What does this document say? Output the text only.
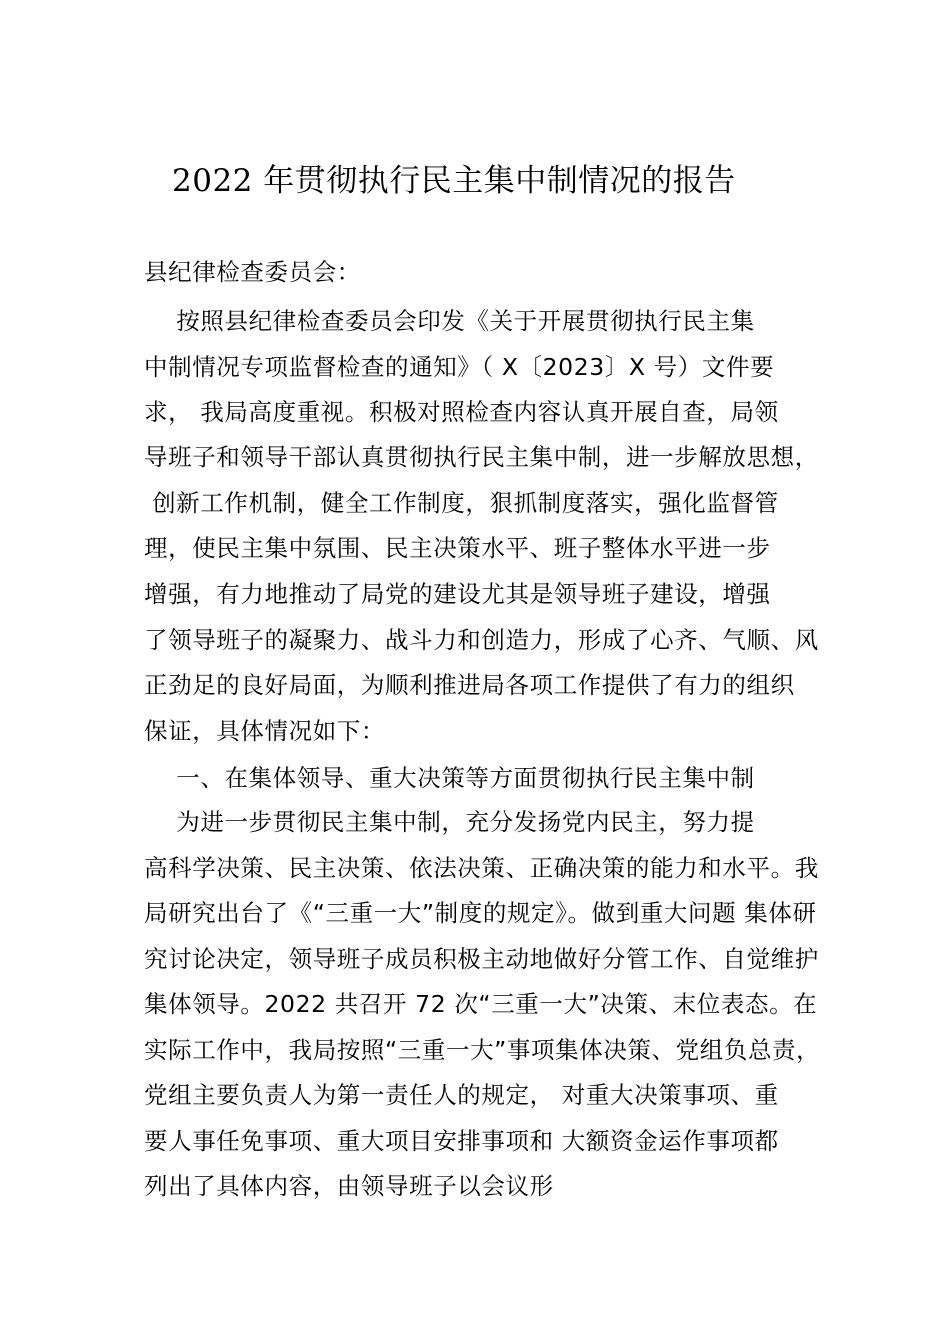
2022 年贯彻执行民主集中制情况的报告
县纪律检查委员会：
按照县纪律检查委员会印发《关于开展贯彻执行民主集
中制情况专项监督检查的通知》（ X〔2023〕X 号）文件要
求， 我局高度重视。积极对照检查内容认真开展自查，局领
导班子和领导干部认真贯彻执行民主集中制，进一步解放思想，
创新工作机制，健全工作制度，狠抓制度落实，强化监督管
理，使民主集中氛围、民主决策水平、班子整体水平进一步
增强，有力地推动了局党的建设尤其是领导班子建设，增强
了领导班子的凝聚力、战斗力和创造力，形成了心齐、气顺、风
正劲足的良好局面，为顺利推进局各项工作提供了有力的组织
保证，具体情况如下：
一、在集体领导、重大决策等方面贯彻执行民主集中制
为进一步贯彻民主集中制，充分发扬党内民主，努力提
高科学决策、民主决策、依法决策、正确决策的能力和水平。我
局研究出台了《“三重一大”制度的规定》。做到重大问题 集体研
究讨论决定，领导班子成员积极主动地做好分管工作、自觉维护
集体领导。2022 共召开 72 次“三重一大”决策、末位表态。在
实际工作中，我局按照“三重一大”事项集体决策、党组负总责，
党组主要负责人为第一责任人的规定， 对重大决策事项、重
要人事任免事项、重大项目安排事项和 大额资金运作事项都
列出了具体内容，由领导班子以会议形
